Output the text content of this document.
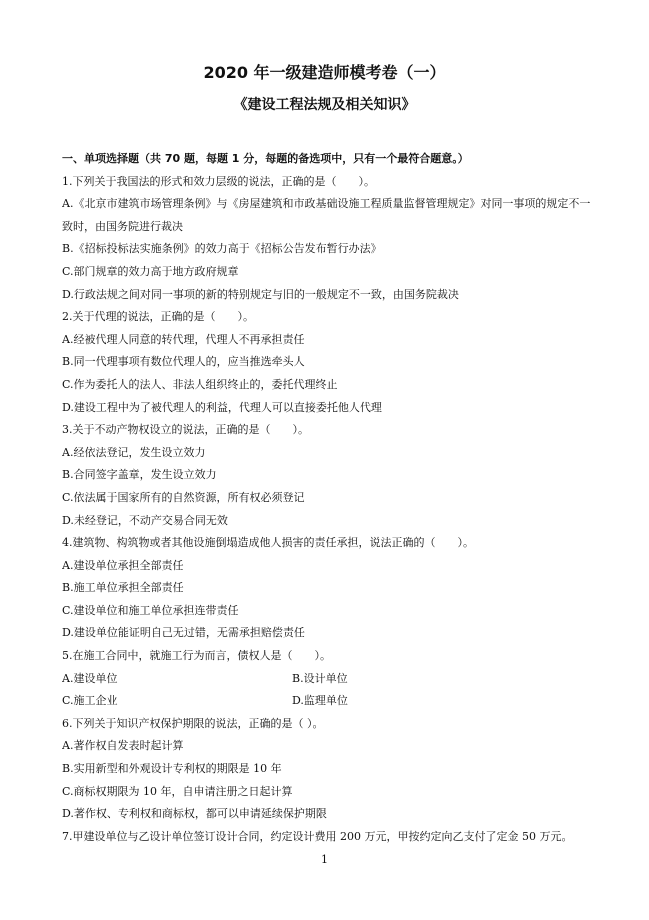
2020 年一级建造师模考卷（一）
《建设工程法规及相关知识》
一、单项选择题（共 70 题，每题 1 分，每题的备选项中，只有一个最符合题意。）
1.下列关于我国法的形式和效力层级的说法，正确的是（　　）。
A.《北京市建筑市场管理条例》与《房屋建筑和市政基础设施工程质量监督管理规定》对同一事项的规定不一致时，由国务院进行裁决
B.《招标投标法实施条例》的效力高于《招标公告发布暂行办法》
C.部门规章的效力高于地方政府规章
D.行政法规之间对同一事项的新的特别规定与旧的一般规定不一致，由国务院裁决
2.关于代理的说法，正确的是（　　）。
A.经被代理人同意的转代理，代理人不再承担责任
B.同一代理事项有数位代理人的，应当推选牵头人
C.作为委托人的法人、非法人组织终止的，委托代理终止
D.建设工程中为了被代理人的利益，代理人可以直接委托他人代理
3.关于不动产物权设立的说法，正确的是（　　）。
A.经依法登记，发生设立效力
B.合同签字盖章，发生设立效力
C.依法属于国家所有的自然资源，所有权必须登记
D.未经登记，不动产交易合同无效
4.建筑物、构筑物或者其他设施倒塌造成他人损害的责任承担，说法正确的（　　）。
A.建设单位承担全部责任
B.施工单位承担全部责任
C.建设单位和施工单位承担连带责任
D.建设单位能证明自己无过错，无需承担赔偿责任
5.在施工合同中，就施工行为而言，债权人是（　　）。
A.建设单位	B.设计单位
C.施工企业	D.监理单位
6.下列关于知识产权保护期限的说法，正确的是（ ）。
A.著作权自发表时起计算
B.实用新型和外观设计专利权的期限是 10 年
C.商标权期限为 10 年，自申请注册之日起计算
D.著作权、专利权和商标权，都可以申请延续保护期限
7.甲建设单位与乙设计单位签订设计合同，约定设计费用 200 万元，甲按约定向乙支付了定金 50 万元。
1
